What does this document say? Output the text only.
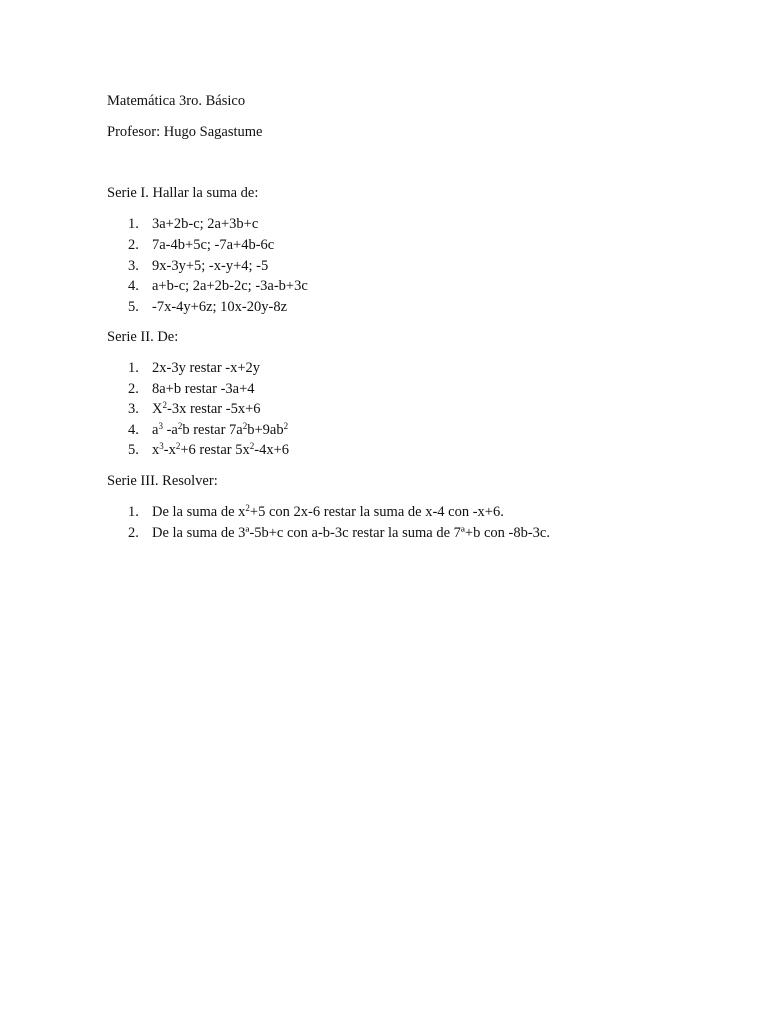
Matemática 3ro. Básico
Profesor: Hugo Sagastume
Serie I. Hallar la suma de:
1. 3a+2b-c; 2a+3b+c
2. 7a-4b+5c; -7a+4b-6c
3. 9x-3y+5; -x-y+4; -5
4. a+b-c; 2a+2b-2c; -3a-b+3c
5. -7x-4y+6z; 10x-20y-8z
Serie II. De:
1. 2x-3y restar -x+2y
2. 8a+b restar -3a+4
3. $X^2-3x$ restar -5x+6
4. $a^3$ $-a^2b$ restar $7a^2b+9ab^2$
5. $x^3-x^2+6$ restar $5x^2-4x+6$
Serie III. Resolver:
1. De la suma de $x^2+5$ con 2x-6 restar la suma de x-4 con -x+6.
2. De la suma de 3ª-5b+c con a-b-3c restar la suma de 7ª+b con -8b-3c.
